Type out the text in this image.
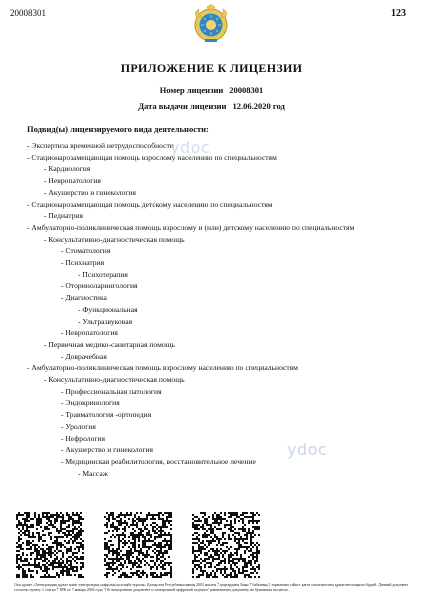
20008301	123
ПРИЛОЖЕНИЕ К ЛИЦЕНЗИИ
Номер лицензии 20008301
Дата выдачи лицензии 12.06.2020 год
Подвид(ы) лицензируемого вида деятельности:
- Экспертиза временной нетрудоспособности
- Стационарозамещающая помощь взрослому населению по специальностям
- Кардиология
- Невропатология
- Акушерство и гинекология
- Стационарозамещающая помощь детскому населению по специальностям
- Педиатрия
- Амбулаторно-поликлиническая помощь взрослому и (или) детскому населению по специальностям
- Консультативно-диагностическая помощь
- Стоматология
- Психиатрия
- Психотерапия
- Оториноларингология
- Диагностика
- Функциональная
- Ультразвуковая
- Невропатология
- Первичная медико-санитарная помощь
- Доврачебная
- Амбулаторно-поликлиническая помощь взрослому населению по специальностям
- Консультативно-диагностическая помощь
- Профессиональная патология
- Эндокринология
- Травматология -ортопедия
- Урология
- Нефрология
- Акушерство и гинекология
- Медицинская реабилитология, восстановительное лечение
- Массаж
ydoc
ydoc
Осы құжат «Электрондық құжат және электрондық цифрлық қолтаңба туралы» Қазақстан Республикасының 2003 жылғы 7 қаңтардағы Заңы 7 бабының 1 тармағына сәйкес қағаз тасығыштағы құжатпен маңызы бірдей. Данный документ согласно пункту 1 статьи 7 ЗРК от 7 января 2003 года "Об электронном документе и электронной цифровой подписи" равнозначен документу на бумажном носителе.
